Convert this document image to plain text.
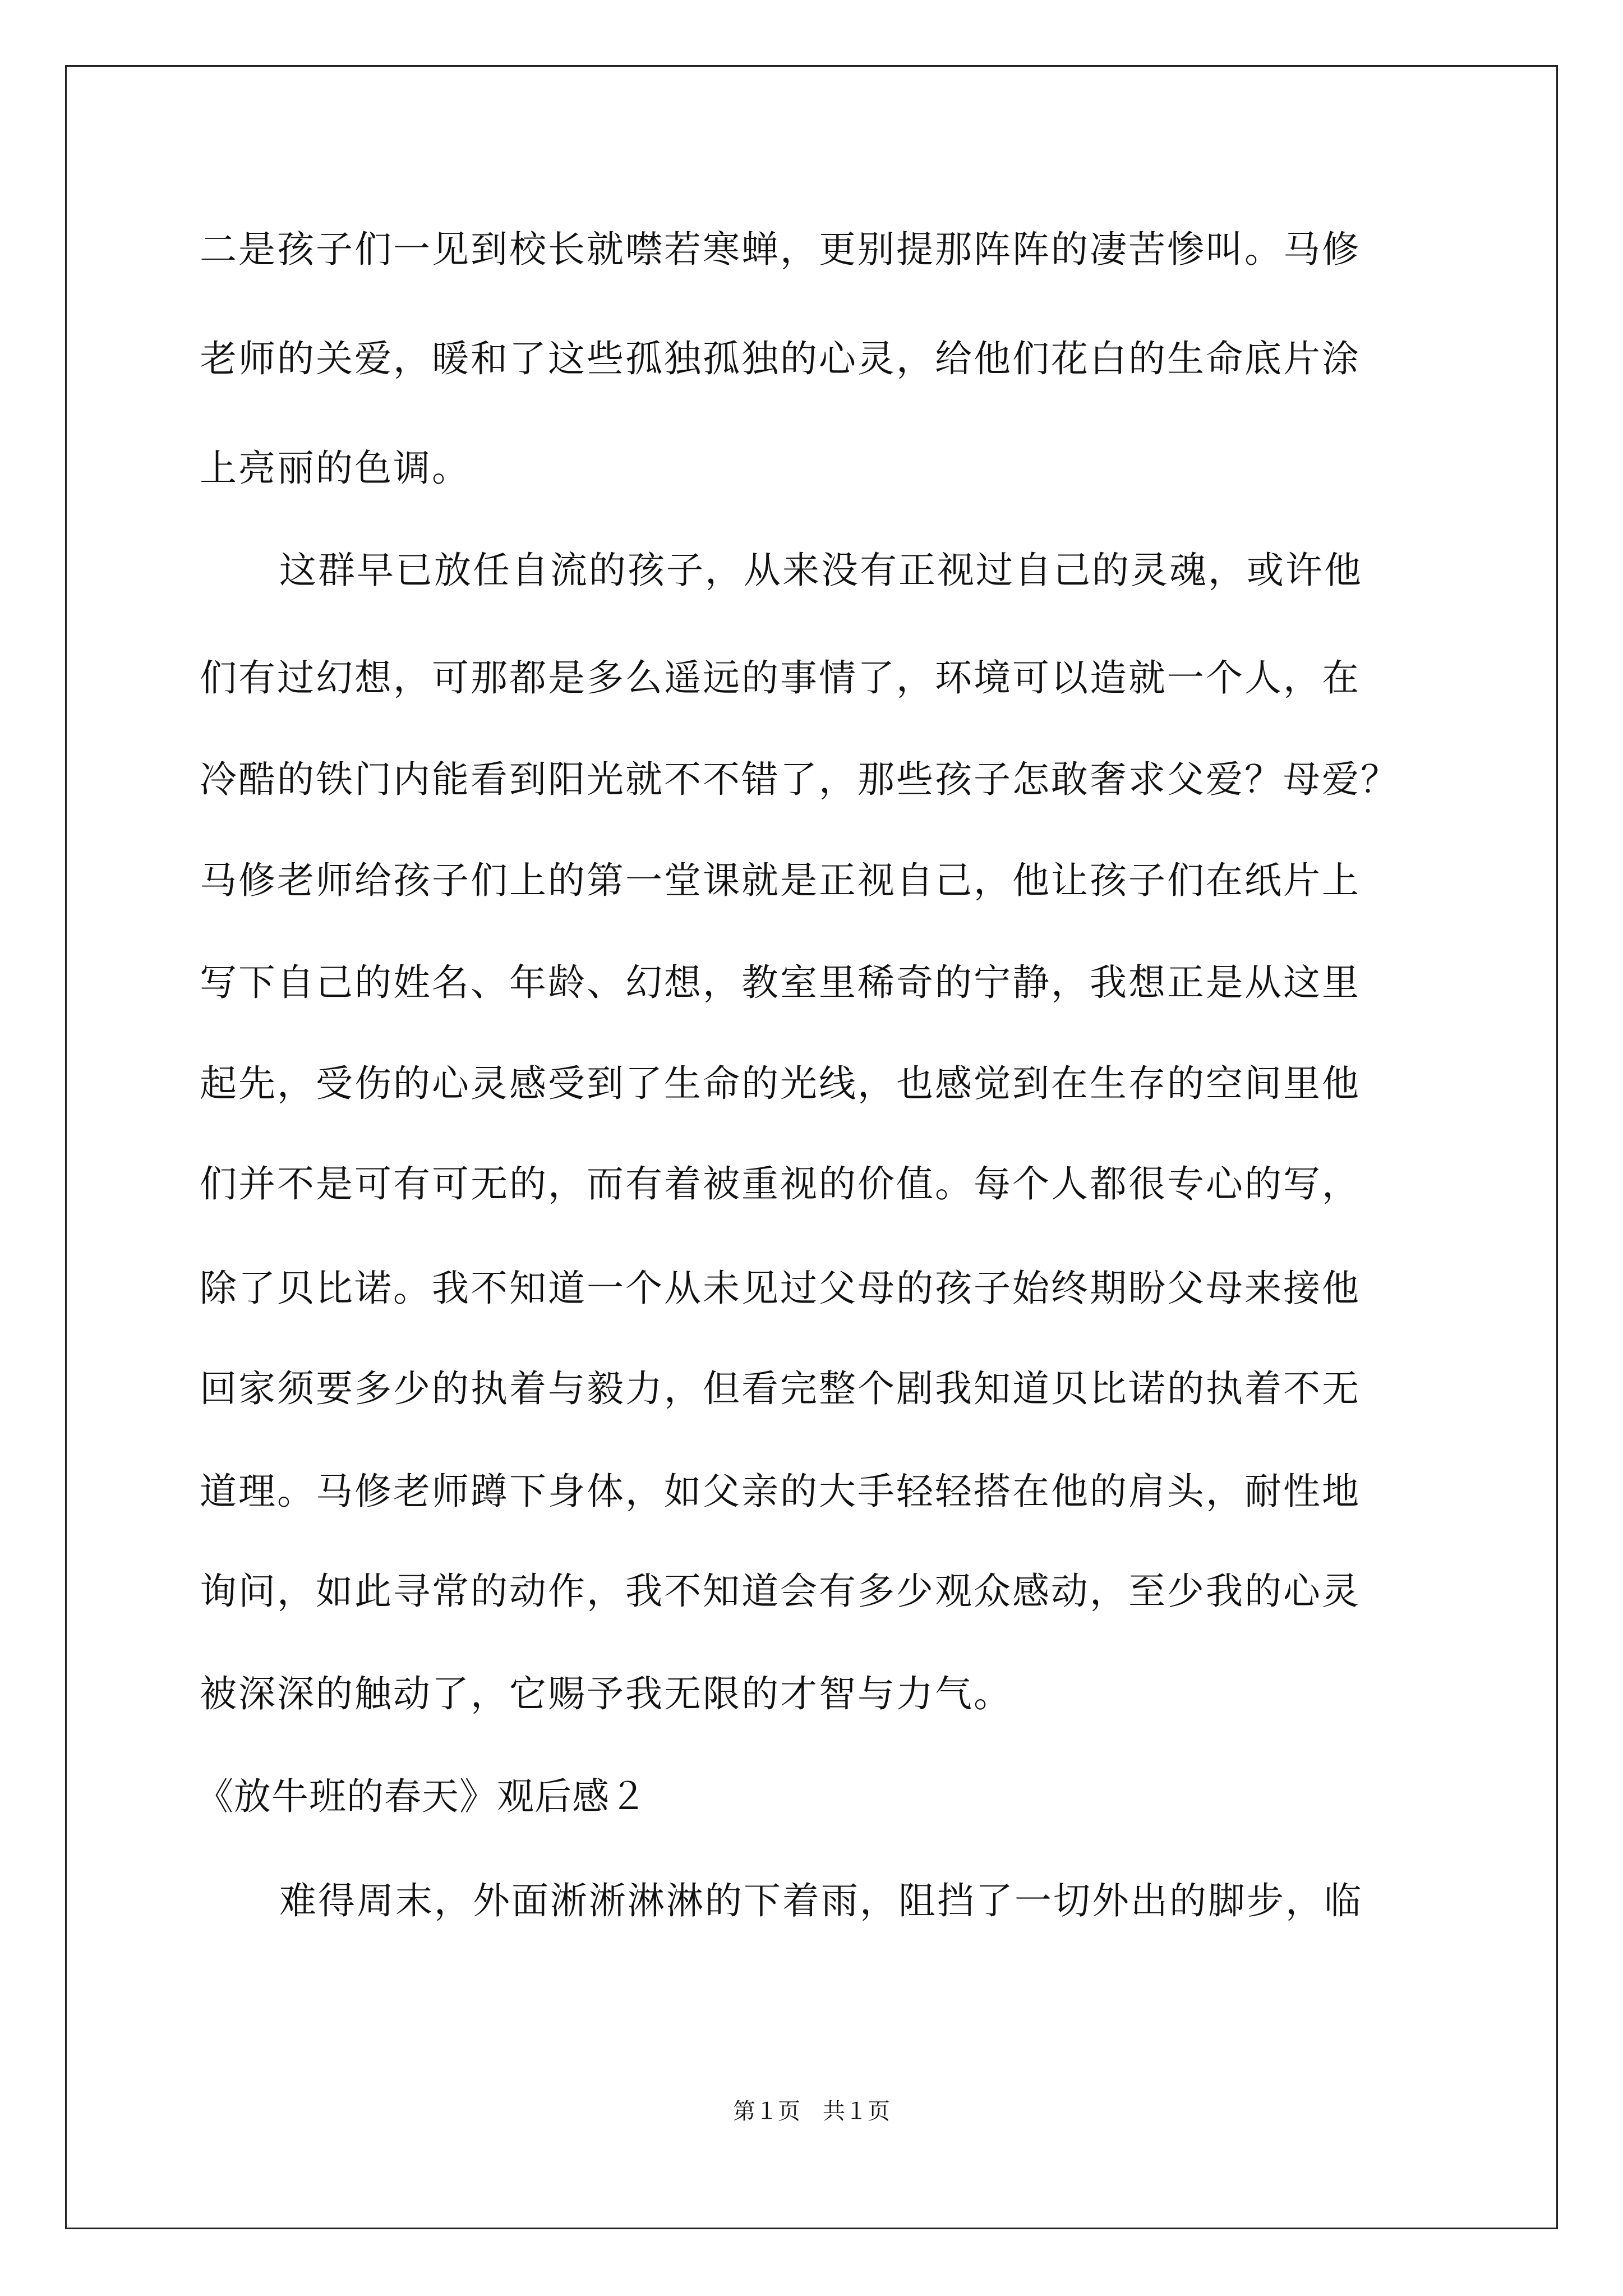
二是孩子们一见到校长就噤若寒蝉，更别提那阵阵的凄苦惨叫。马修
老师的关爱，暖和了这些孤独孤独的心灵，给他们花白的生命底片涂
上亮丽的色调。
这群早已放任自流的孩子，从来没有正视过自己的灵魂，或许他
们有过幻想，可那都是多么遥远的事情了，环境可以造就一个人，在
冷酷的铁门内能看到阳光就不不错了，那些孩子怎敢奢求父爱？母爱？
马修老师给孩子们上的第一堂课就是正视自己，他让孩子们在纸片上
写下自己的姓名、年龄、幻想，教室里稀奇的宁静，我想正是从这里
起先，受伤的心灵感受到了生命的光线，也感觉到在生存的空间里他
们并不是可有可无的，而有着被重视的价值。每个人都很专心的写，
除了贝比诺。我不知道一个从未见过父母的孩子始终期盼父母来接他
回家须要多少的执着与毅力，但看完整个剧我知道贝比诺的执着不无
道理。马修老师蹲下身体，如父亲的大手轻轻搭在他的肩头，耐性地
询问，如此寻常的动作，我不知道会有多少观众感动，至少我的心灵
被深深的触动了，它赐予我无限的才智与力气。
《放牛班的春天》观后感２
难得周末，外面淅淅淋淋的下着雨，阻挡了一切外出的脚步，临
第１页　共１页
